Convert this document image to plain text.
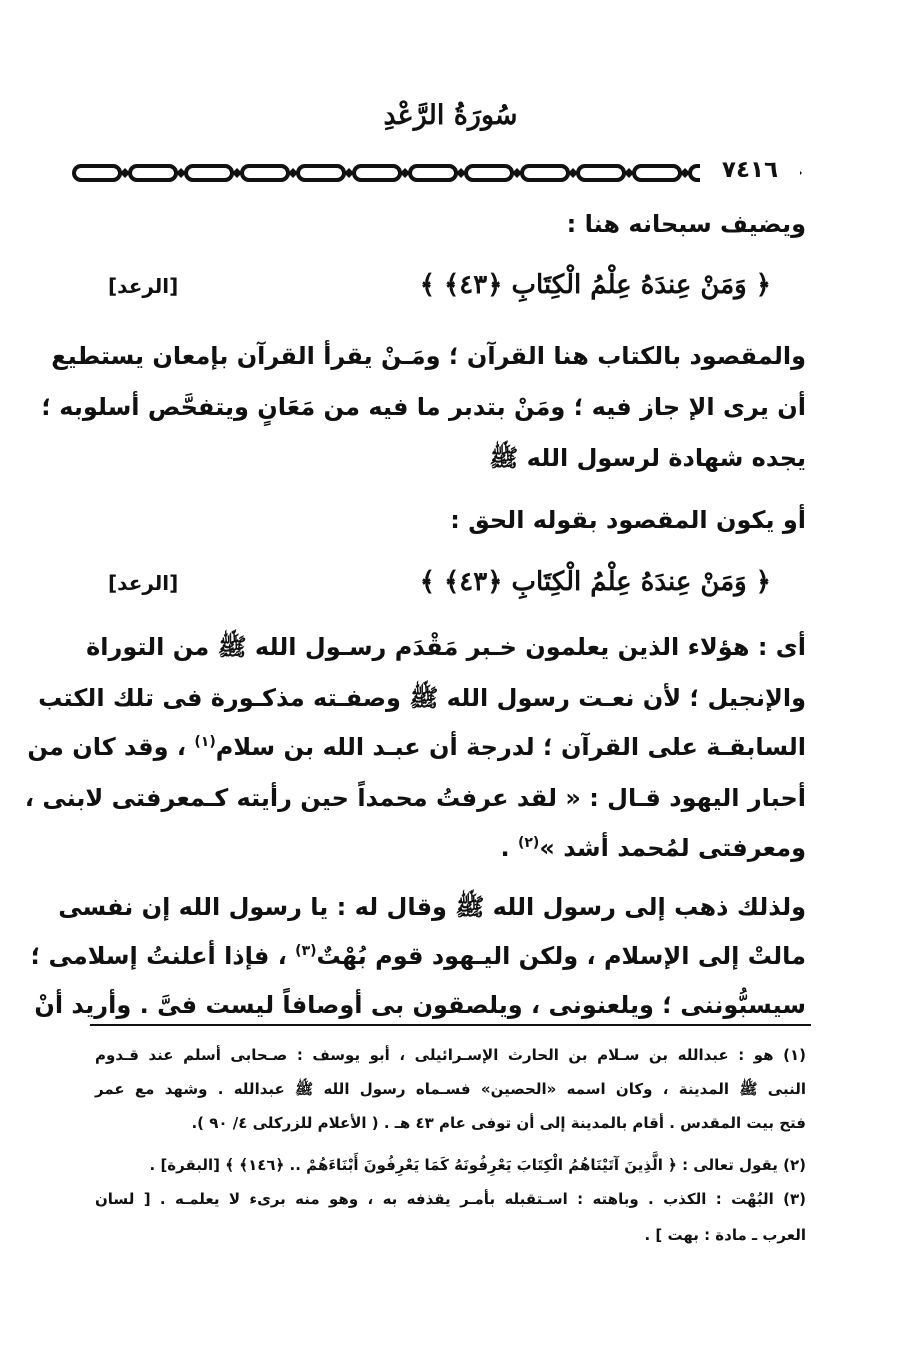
سُورَةُ الرَّعْدِ
٧٤١٦
ويضيف سبحانه هنا :
﴿ وَمَنْ عِندَهُ عِلْمُ الْكِتَابِ ﴿٤٣﴾ ﴾
[الرعد]
والمقصود بالكتاب هنا القرآن ؛ ومَـنْ يقرأ القرآن بإمعان يستطيع
أن يرى الإ جاز فيه ؛ ومَنْ بتدبر ما فيه من مَعَانٍ ويتفحَّص أسلوبه ؛
يجده شهادة لرسول الله ﷺ
أو يكون المقصود بقوله الحق :
﴿ وَمَنْ عِندَهُ عِلْمُ الْكِتَابِ ﴿٤٣﴾ ﴾
[الرعد]
أى : هؤلاء الذين يعلمون خـبر مَقْدَم رسـول الله ﷺ من التوراة
والإنجيل ؛ لأن نعـت رسول الله ﷺ وصفـته مذكـورة فى تلك الكتب
السابقـة على القرآن ؛ لدرجة أن عبـد الله بن سلام$^{(١)}$ ، وقد كان من
أحبار اليهود قـال : « لقد عرفتُ محمداً حين رأيته كـمعرفتى لابنى ،
ومعرفتى لمُحمد أشد »$^{(٢)}$ .
ولذلك ذهب إلى رسول الله ﷺ وقال له : يا رسول الله إن نفسى
مالتْ إلى الإسلام ، ولكن اليـهود قوم بُهْتٌ$^{(٣)}$ ، فإذا أعلنتُ إسلامى ؛
سيسبُّوننى ؛ ويلعنونى ، ويلصقون بى أوصافاً ليست فىَّ . وأريد أنْ
(١) هو : عبدالله بن سـلام بن الحارث الإسـرائيلى ، أبو يوسف : صـحابى أسلم عند قـدوم
النبى ﷺ المدينة ، وكان اسمه «الحصين» فسـماه رسول الله ﷺ عبدالله . وشهد مع عمر
فتح بيت المقدس . أقام بالمدينة إلى أن توفى عام ٤٣ هـ . ( الأعلام للزركلى ٤/ ٩٠ ).
(٢) يقول تعالى : ﴿ الَّذِينَ آتَيْنَاهُمُ الْكِتَابَ يَعْرِفُونَهُ كَمَا يَعْرِفُونَ أَبْنَاءَهُمْ .. ﴿١٤٦﴾ ﴾ [البقرة] .
(٣) البُهْت : الكذب . وباهته : اسـتقبله بأمـر يقذفه به ، وهو منه برىء لا يعلمـه . [ لسان
العرب ـ مادة : بهت ] .
